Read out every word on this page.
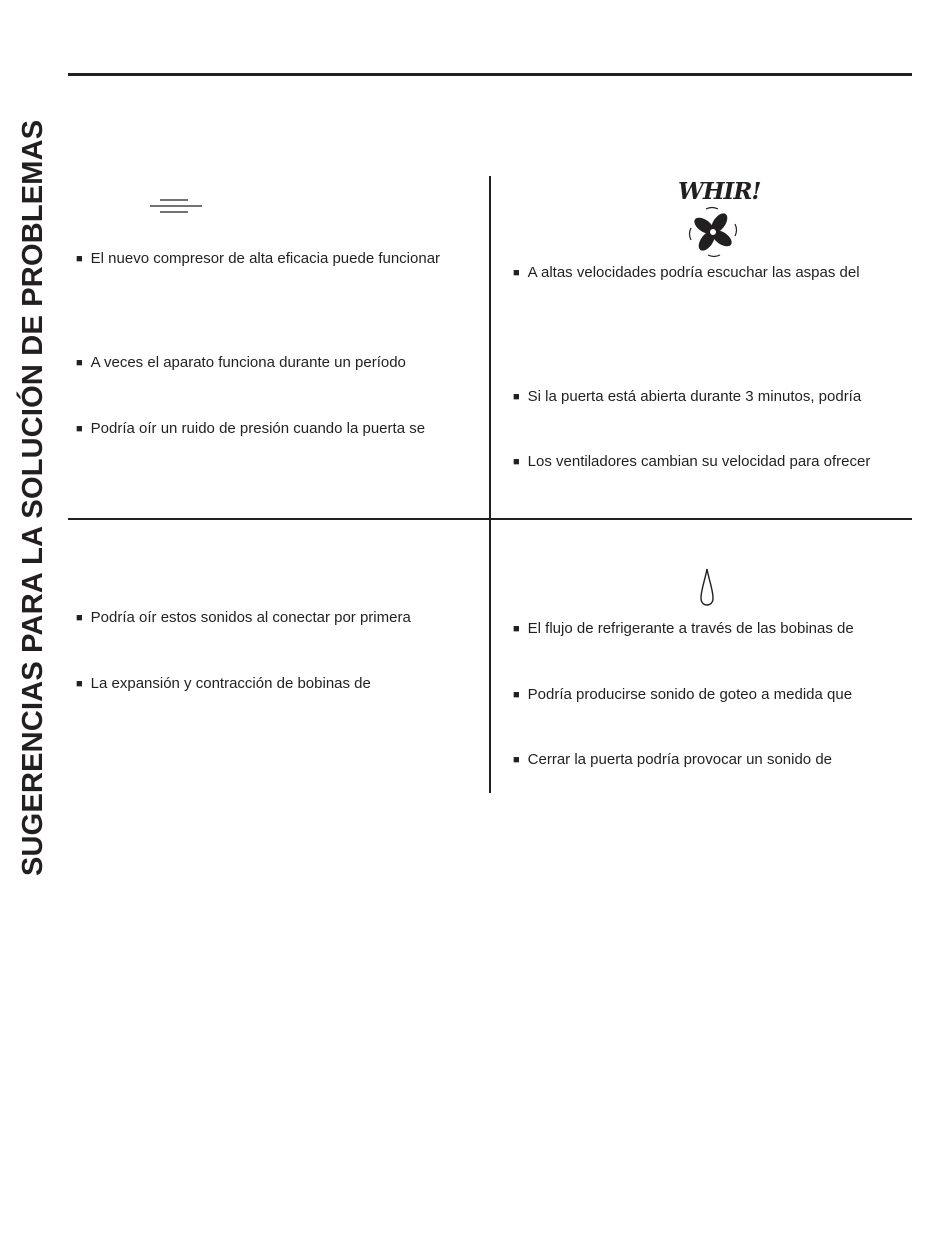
SUGERENCIAS PARA LA SOLUCIÓN DE PROBLEMAS	WHIR!
■ El nuevo compresor de alta eficacia puede funcionar
■ A veces el aparato funciona durante un período
■ Podría oír un ruido de presión cuando la puerta se
■ A altas velocidades podría escuchar las aspas del
■ Si la puerta está abierta durante 3 minutos, podría
■ Los ventiladores cambian su velocidad para ofrecer
■ Podría oír estos sonidos al conectar por primera
■ La expansión y contracción de bobinas de
■ El flujo de refrigerante a través de las bobinas de
■ Podría producirse sonido de goteo a medida que
■ Cerrar la puerta podría provocar un sonido de
